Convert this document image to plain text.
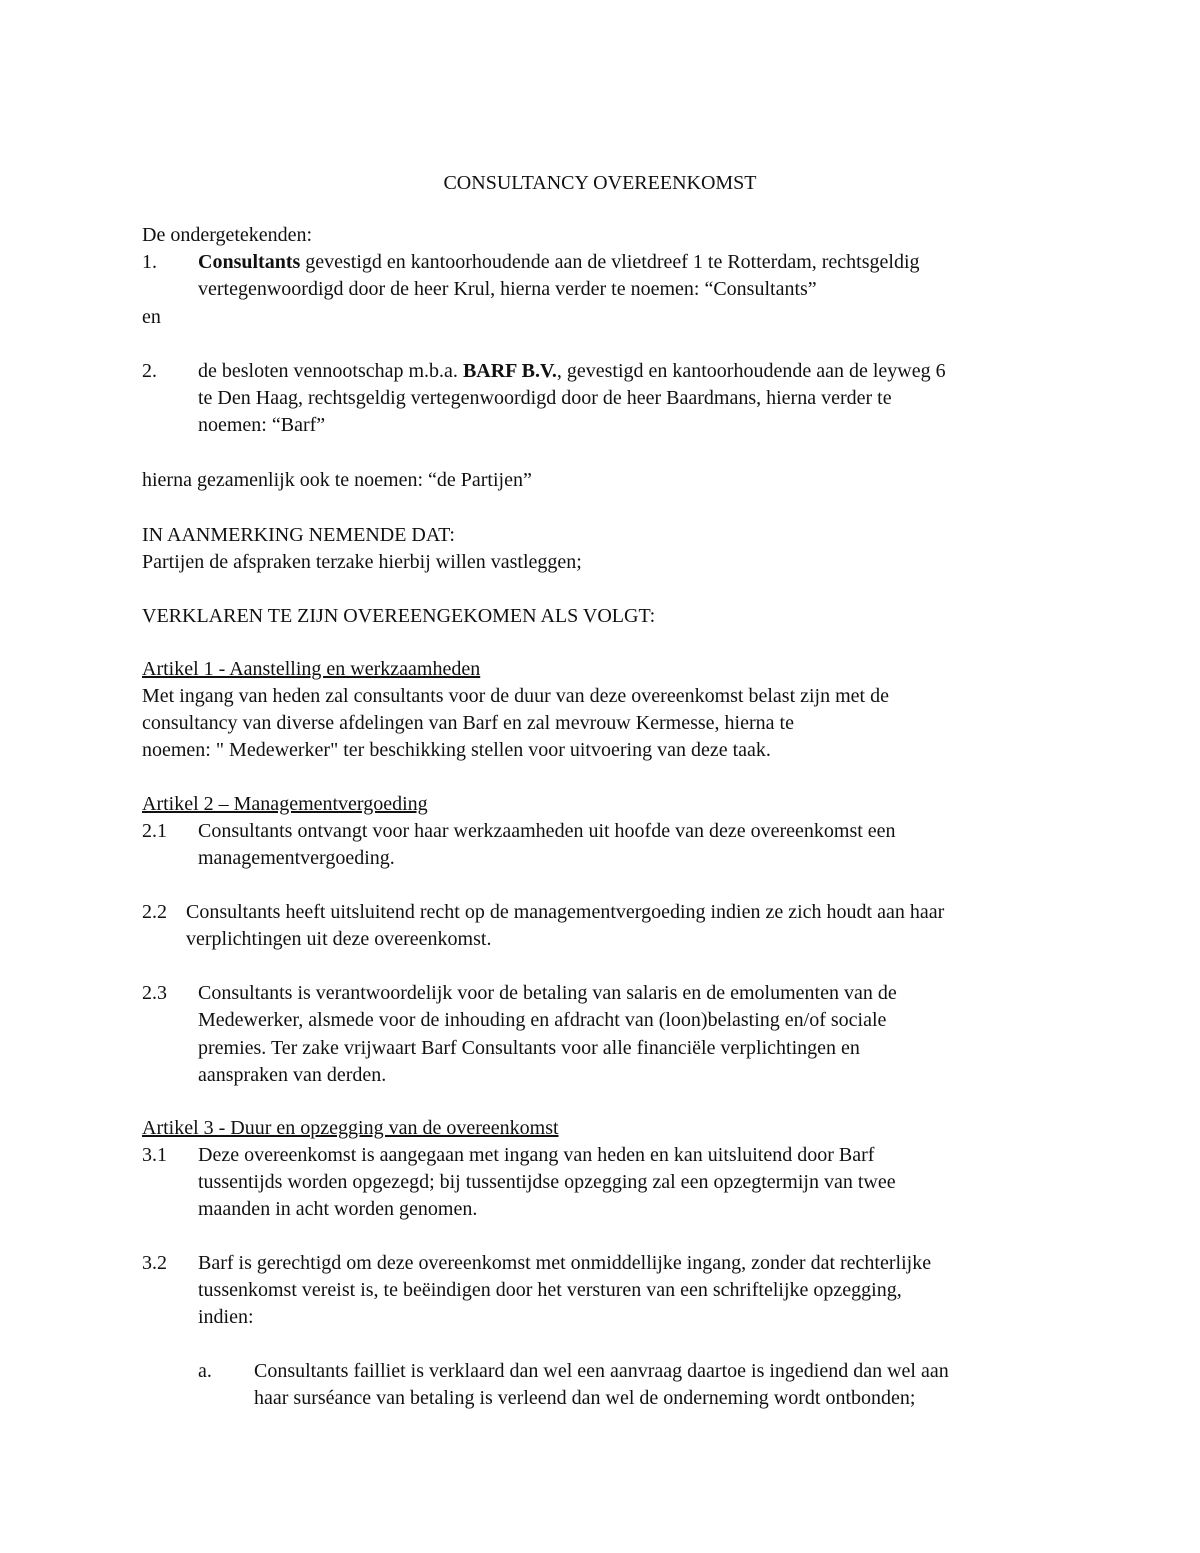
CONSULTANCY OVEREENKOMST
De ondergetekenden:
1. Consultants gevestigd en kantoorhoudende aan de vlietdreef 1 te Rotterdam, rechtsgeldig
vertegenwoordigd door de heer Krul, hierna verder te noemen: “Consultants”
en
2. de besloten vennootschap m.b.a. BARF B.V., gevestigd en kantoorhoudende aan de leyweg 6
te Den Haag, rechtsgeldig vertegenwoordigd door de heer Baardmans, hierna verder te
noemen: “Barf”
hierna gezamenlijk ook te noemen: “de Partijen”
IN AANMERKING NEMENDE DAT:
Partijen de afspraken terzake hierbij willen vastleggen;
VERKLAREN TE ZIJN OVEREENGEKOMEN ALS VOLGT:
Artikel 1 - Aanstelling en werkzaamheden
Met ingang van heden zal consultants voor de duur van deze overeenkomst belast zijn met de
consultancy van diverse afdelingen van Barf en zal mevrouw Kermesse, hierna te
noemen: " Medewerker" ter beschikking stellen voor uitvoering van deze taak.
Artikel 2 – Managementvergoeding
2.1 Consultants ontvangt voor haar werkzaamheden uit hoofde van deze overeenkomst een
managementvergoeding.
2.2 Consultants heeft uitsluitend recht op de managementvergoeding indien ze zich houdt aan haar
verplichtingen uit deze overeenkomst.
2.3 Consultants is verantwoordelijk voor de betaling van salaris en de emolumenten van de
Medewerker, alsmede voor de inhouding en afdracht van (loon)belasting en/of sociale
premies. Ter zake vrijwaart Barf Consultants voor alle financiële verplichtingen en
aanspraken van derden.
Artikel 3 - Duur en opzegging van de overeenkomst
3.1 Deze overeenkomst is aangegaan met ingang van heden en kan uitsluitend door Barf
tussentijds worden opgezegd; bij tussentijdse opzegging zal een opzegtermijn van twee
maanden in acht worden genomen.
3.2 Barf is gerechtigd om deze overeenkomst met onmiddellijke ingang, zonder dat rechterlijke
tussenkomst vereist is, te beëindigen door het versturen van een schriftelijke opzegging,
indien:
a. Consultants failliet is verklaard dan wel een aanvraag daartoe is ingediend dan wel aan
haar surséance van betaling is verleend dan wel de onderneming wordt ontbonden;
